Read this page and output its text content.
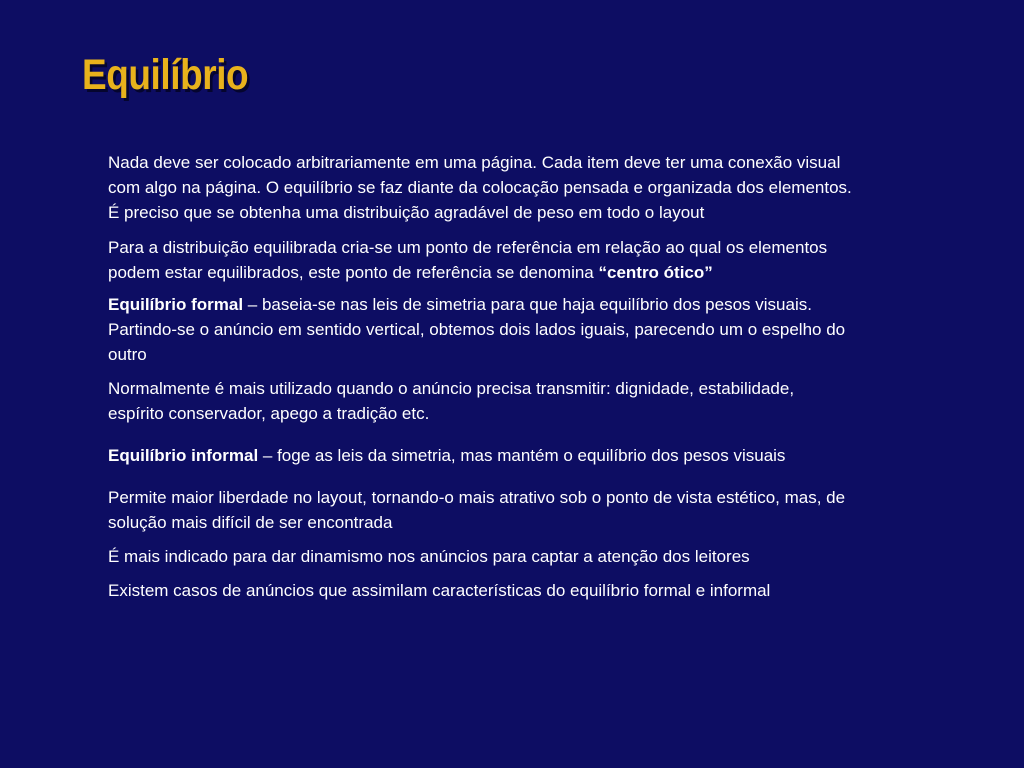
Equilíbrio

Nada deve ser colocado arbitrariamente em uma página. Cada item deve ter uma conexão visual com algo na página. O equilíbrio se faz diante da colocação pensada e organizada dos elementos. É preciso que se obtenha uma distribuição agradável de peso em todo o layout

Para a distribuição equilibrada cria-se um ponto de referência em relação ao qual os elementos podem estar equilibrados, este ponto de referência se denomina “centro ótico”

Equilíbrio formal – baseia-se nas leis de simetria para que haja equilíbrio dos pesos visuais. Partindo-se o anúncio em sentido vertical, obtemos dois lados iguais, parecendo um o espelho do outro

Normalmente é mais utilizado quando o anúncio precisa transmitir: dignidade, estabilidade, espírito conservador, apego a tradição etc.

Equilíbrio informal – foge as leis da simetria, mas mantém o equilíbrio dos pesos visuais

Permite maior liberdade no layout, tornando-o mais atrativo sob o ponto de vista estético, mas, de solução mais difícil de ser encontrada

É mais indicado para dar dinamismo nos anúncios para captar a atenção dos leitores

Existem casos de anúncios que assimilam características do equilíbrio formal e informal
